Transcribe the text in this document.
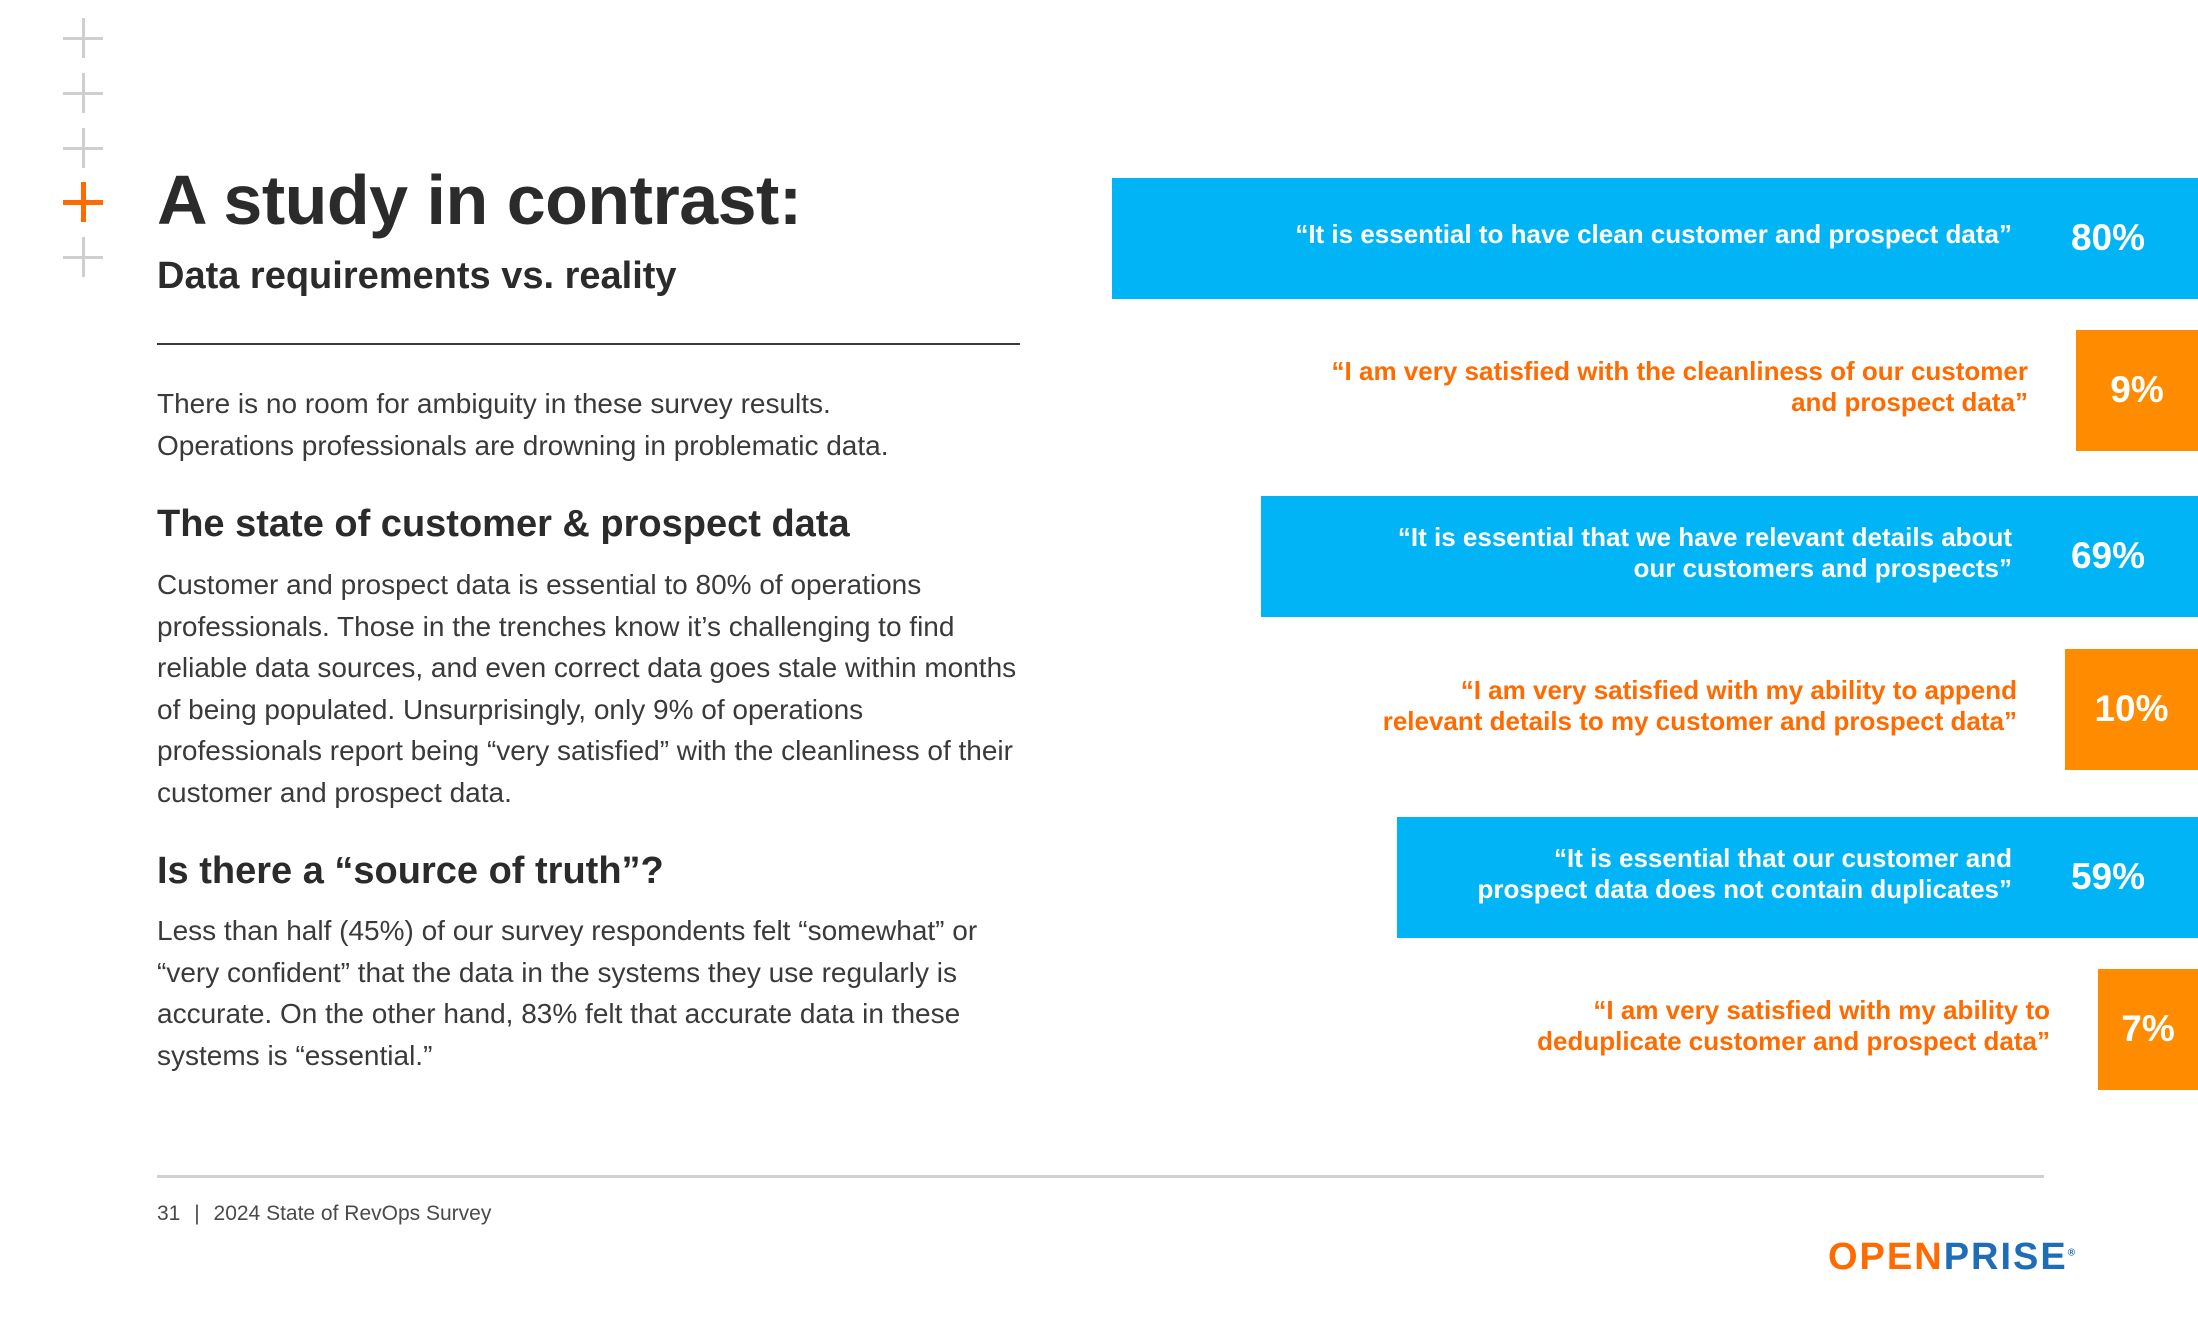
A study in contrast:
Data requirements vs. reality

There is no room for ambiguity in these survey results.

Operations professionals are drowning in problematic data.

The state of customer & prospect data
Customer and prospect data is essential to 80% of operations professionals. Those in the trenches know it’s challenging to find reliable data sources, and even correct data goes stale within months of being populated. Unsurprisingly, only 9% of operations professionals report being “very satisfied” with the cleanliness of their customer and prospect data.
Is there a “source of truth”?
Less than half (45%) of our survey respondents felt “somewhat” or “very confident” that the data in the systems they use regularly is accurate. On the other hand, 83% felt that accurate data in these systems is “essential.”
80%
“It is essential to have clean customer and prospect data”
9%
“I am very satisfied with the cleanliness of our customer
and prospect data”
69%
“It is essential that we have relevant details about
our customers and prospects”
10%
“I am very satisfied with my ability to append
relevant details to my customer and prospect data”
59%
“It is essential that our customer and
prospect data does not contain duplicates”
7%
“I am very satisfied with my ability to
deduplicate customer and prospect data”
31 | 2024 State of RevOps Survey
OPENPRISE®
